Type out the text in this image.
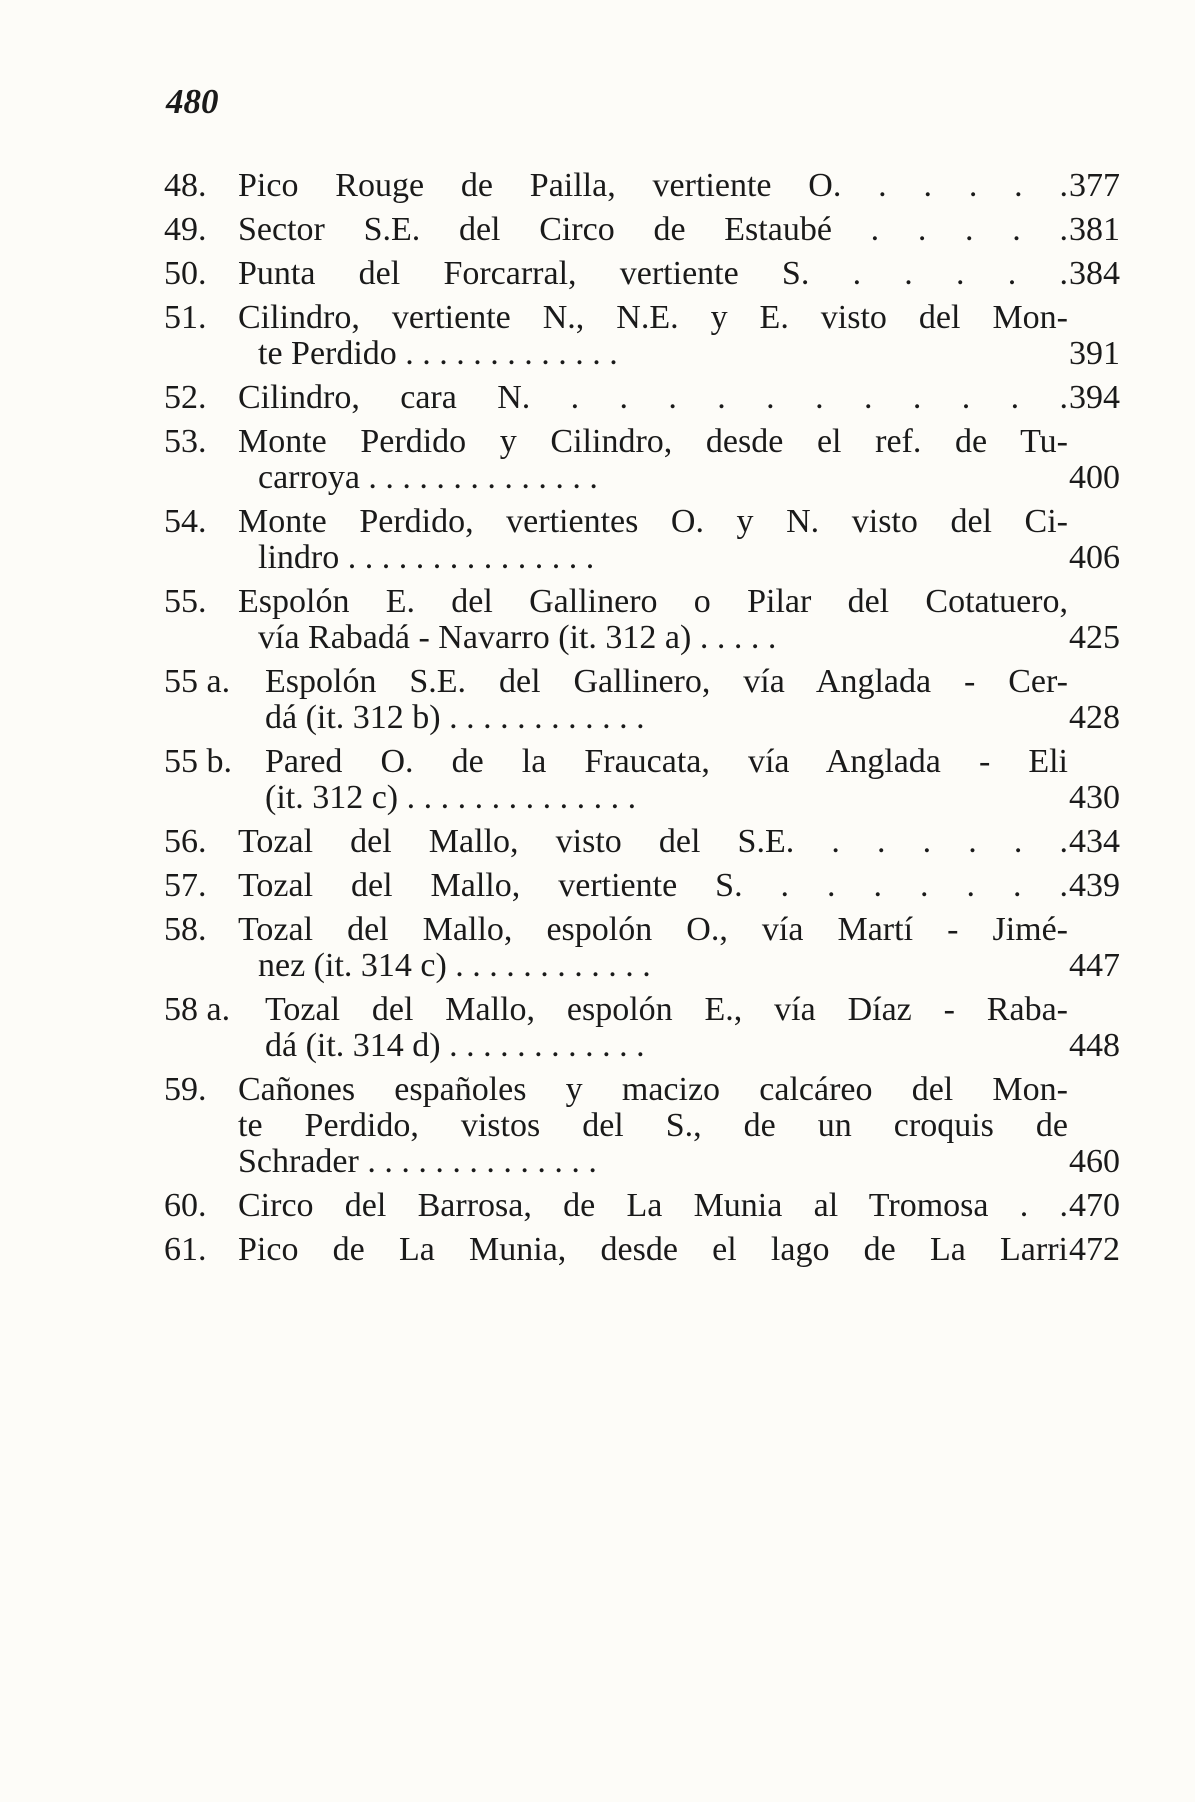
480
48. Pico Rouge de Pailla, vertiente O. . . . . . 377
49. Sector S.E. del Circo de Estaubé . . . . . 381
50. Punta del Forcarral, vertiente S. . . . . . 384
51. Cilindro, vertiente N., N.E. y E. visto del Mon-
te Perdido . . . . . . . . . . . . .	391
52. Cilindro, cara N. . . . . . . . . . . . 394
53. Monte Perdido y Cilindro, desde el ref. de Tu-
carroya . . . . . . . . . . . . . .	400
54. Monte Perdido, vertientes O. y N. visto del Ci-
lindro . . . . . . . . . . . . . . .	406
55. Espolón E. del Gallinero o Pilar del Cotatuero,
vía Rabadá - Navarro (it. 312 a) . . . . .	425
55 a.	Espolón S.E. del Gallinero, vía Anglada - Cer-
dá (it. 312 b) . . . . . . . . . . . .	428
55 b. Pared O. de la Fraucata, vía Anglada - Eli
(it. 312 c) . . . . . . . . . . . . . .	430
56. Tozal del Mallo, visto del S.E. . . . . . . 434
57. Tozal del Mallo, vertiente S. . . . . . . . 439
58. Tozal del Mallo, espolón O., vía Martí - Jimé-
nez (it. 314 c) . . . . . . . . . . . .	447
58 a.	Tozal del Mallo, espolón E., vía Díaz - Raba-
dá (it. 314 d) . . . . . . . . . . . .	448
59. Cañones españoles y macizo calcáreo del Mon-
te Perdido, vistos del S., de un croquis de
Schrader . . . . . . . . . . . . . .	460
60. Circo del Barrosa, de La Munia al Tromosa . . 470
61. Pico de La Munia, desde el lago de La Larri 472
